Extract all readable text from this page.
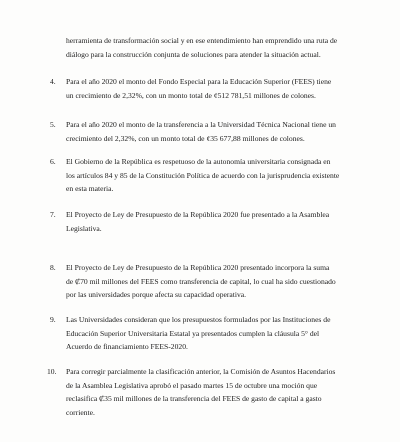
herramienta de transformación social y en ese entendimiento han emprendido una ruta de
diálogo para la construcción conjunta de soluciones para atender la situación actual.

4. Para el año 2020 el monto del Fondo Especial para la Educación Superior (FEES) tiene
un crecimiento de 2,32%, con un monto total de ¢512 781,51 millones de colones.

5. Para el año 2020 el monto de la transferencia a la Universidad Técnica Nacional tiene un
crecimiento del 2,32%, con un monto total de ¢35 677,88 millones de colones.

6. El Gobierno de la República es respetuoso de la autonomía universitaria consignada en
los artículos 84 y 85 de la Constitución Política de acuerdo con la jurisprudencia existente
en esta materia.

7. El Proyecto de Ley de Presupuesto de la República 2020 fue presentado a la Asamblea
Legislativa.

8. El Proyecto de Ley de Presupuesto de la República 2020 presentado incorpora la suma
de ₡70 mil millones del FEES como transferencia de capital, lo cual ha sido cuestionado
por las universidades porque afecta su capacidad operativa.

9. Las Universidades consideran que los presupuestos formulados por las Instituciones de
Educación Superior Universitaria Estatal ya presentados cumplen la cláusula 5° del
Acuerdo de financiamiento FEES-2020.

10. Para corregir parcialmente la clasificación anterior, la Comisión de Asuntos Hacendarios
de la Asamblea Legislativa aprobó el pasado martes 15 de octubre una moción que
reclasifica ₡35 mil millones de la transferencia del FEES de gasto de capital a gasto
corriente.
